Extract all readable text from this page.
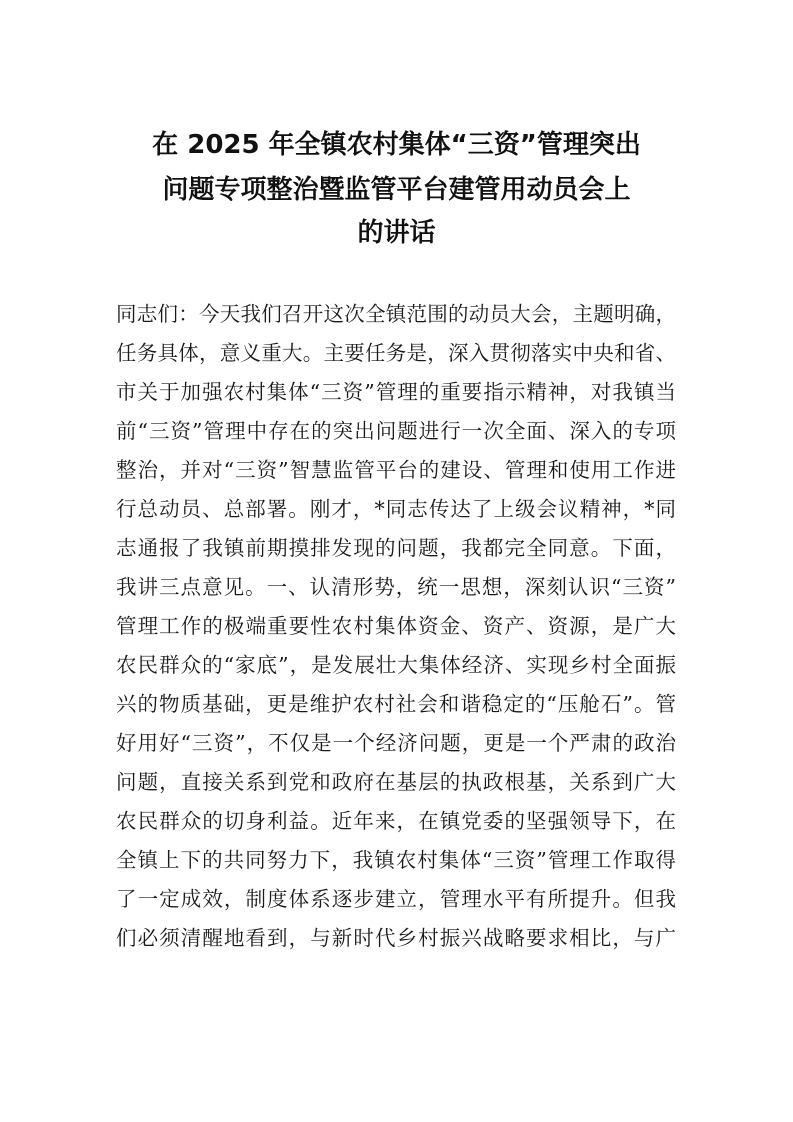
在 2025 年全镇农村集体“三资”管理突出
问题专项整治暨监管平台建管用动员会上
的讲话

同志们：今天我们召开这次全镇范围的动员大会，主题明确，

任务具体，意义重大。主要任务是，深入贯彻落实中央和省、

市关于加强农村集体“三资”管理的重要指示精神，对我镇当

前“三资”管理中存在的突出问题进行一次全面、深入的专项

整治，并对“三资”智慧监管平台的建设、管理和使用工作进

行总动员、总部署。刚才，*同志传达了上级会议精神，*同

志通报了我镇前期摸排发现的问题，我都完全同意。下面，

我讲三点意见。一、认清形势，统一思想，深刻认识“三资”

管理工作的极端重要性农村集体资金、资产、资源，是广大

农民群众的“家底”，是发展壮大集体经济、实现乡村全面振

兴的物质基础，更是维护农村社会和谐稳定的“压舱石”。管

好用好“三资”，不仅是一个经济问题，更是一个严肃的政治

问题，直接关系到党和政府在基层的执政根基，关系到广大

农民群众的切身利益。近年来，在镇党委的坚强领导下，在

全镇上下的共同努力下，我镇农村集体“三资”管理工作取得

了一定成效，制度体系逐步建立，管理水平有所提升。但我

们必须清醒地看到，与新时代乡村振兴战略要求相比，与广
